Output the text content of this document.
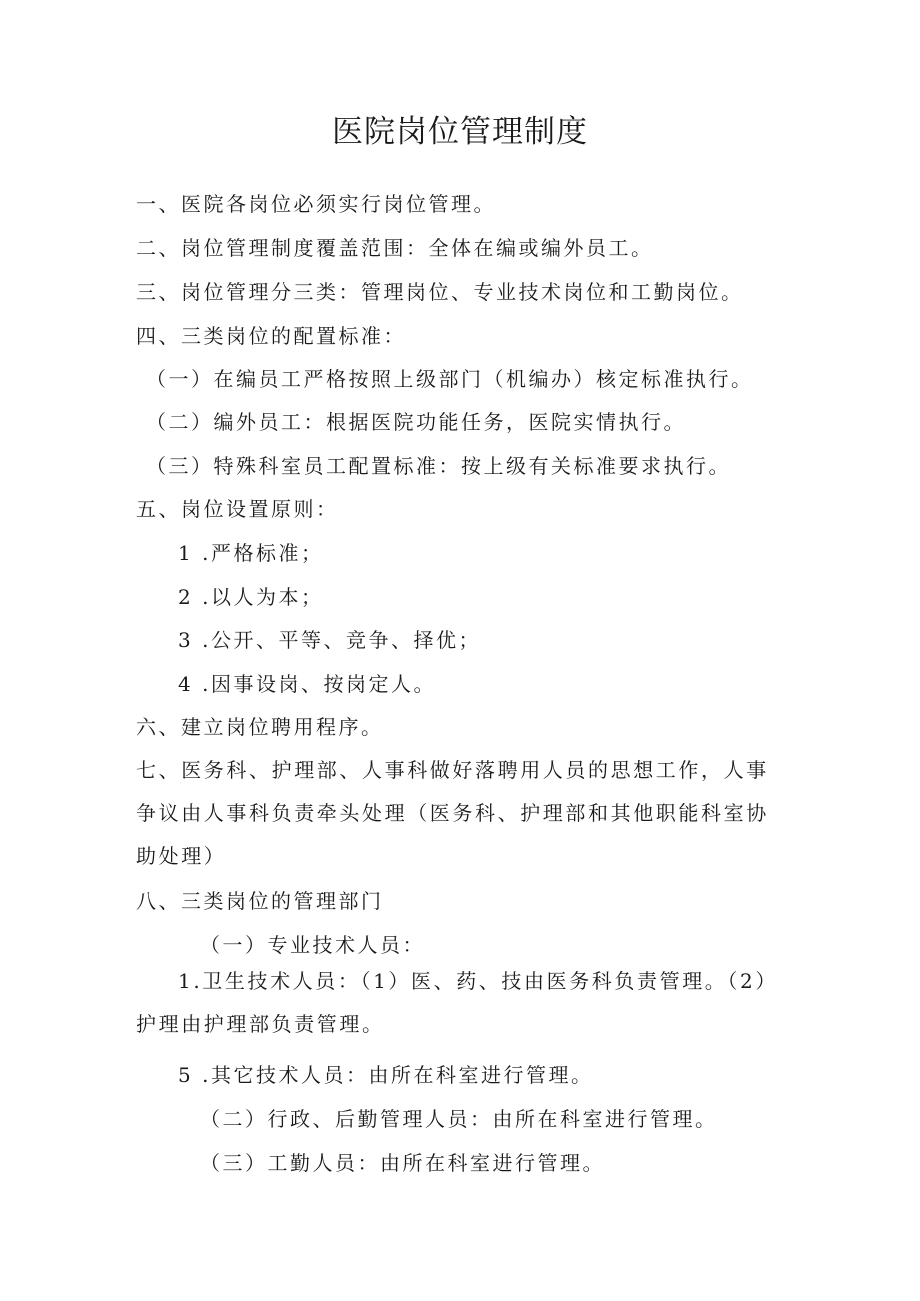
医院岗位管理制度
一、医院各岗位必须实行岗位管理。
二、岗位管理制度覆盖范围：全体在编或编外员工。
三、岗位管理分三类：管理岗位、专业技术岗位和工勤岗位。
四、三类岗位的配置标准：
（一）在编员工严格按照上级部门（机编办）核定标准执行。
（二）编外员工：根据医院功能任务，医院实情执行。
（三）特殊科室员工配置标准：按上级有关标准要求执行。
五、岗位设置原则：
1 .严格标准；
2 .以人为本；
3 .公开、平等、竞争、择优；
4 .因事设岗、按岗定人。
六、建立岗位聘用程序。
七、医务科、护理部、人事科做好落聘用人员的思想工作，人事争议由人事科负责牵头处理（医务科、护理部和其他职能科室协助处理）
八、三类岗位的管理部门
（一）专业技术人员：
1.卫生技术人员：（1）医、药、技由医务科负责管理。（2）护理由护理部负责管理。
5 .其它技术人员：由所在科室进行管理。
（二）行政、后勤管理人员：由所在科室进行管理。
（三）工勤人员：由所在科室进行管理。
